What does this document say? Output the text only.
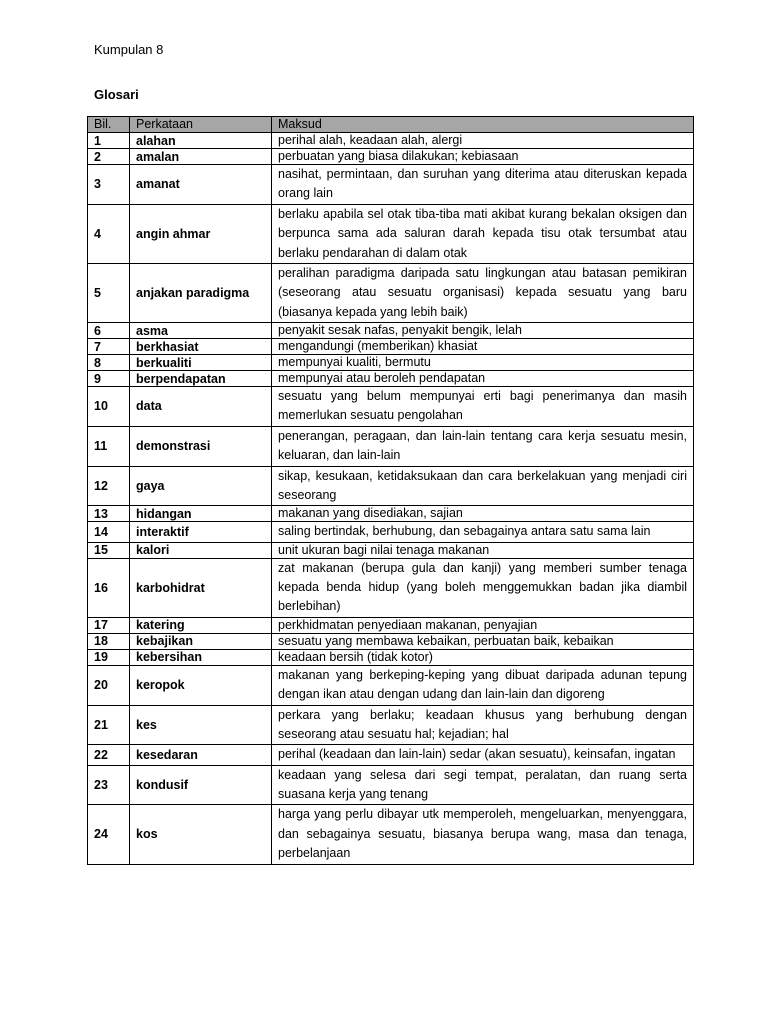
Kumpulan 8
Glosari
Bil.	Perkataan	Maksud
1	alahan	perihal alah, keadaan alah, alergi
2	amalan	perbuatan yang biasa dilakukan; kebiasaan
3	amanat	nasihat, permintaan, dan suruhan yang diterima atau diteruskan kepada orang lain
4	angin ahmar	berlaku apabila sel otak tiba-tiba mati akibat kurang bekalan oksigen dan berpunca sama ada saluran darah kepada tisu otak tersumbat atau berlaku pendarahan di dalam otak
5	anjakan paradigma	peralihan paradigma daripada satu lingkungan atau batasan pemikiran (seseorang atau sesuatu organisasi) kepada sesuatu yang baru (biasanya kepada yang lebih baik)
6	asma	penyakit sesak nafas, penyakit bengik, lelah
7	berkhasiat	mengandungi (memberikan) khasiat
8	berkualiti	mempunyai kualiti, bermutu
9	berpendapatan	mempunyai atau beroleh pendapatan
10	data	sesuatu yang belum mempunyai erti bagi penerimanya dan masih memerlukan sesuatu pengolahan
11	demonstrasi	penerangan, peragaan, dan lain-lain tentang cara kerja sesuatu mesin, keluaran, dan lain-lain
12	gaya	sikap, kesukaan, ketidaksukaan dan cara berkelakuan yang menjadi ciri seseorang
13	hidangan	makanan yang disediakan, sajian
14	interaktif	saling bertindak, berhubung, dan sebagainya antara satu sama lain
15	kalori	unit ukuran bagi nilai tenaga makanan
16	karbohidrat	zat makanan (berupa gula dan kanji) yang memberi sumber tenaga kepada benda hidup (yang boleh menggemukkan badan jika diambil berlebihan)
17	katering	perkhidmatan penyediaan makanan, penyajian
18	kebajikan	sesuatu yang membawa kebaikan, perbuatan baik, kebaikan
19	kebersihan	keadaan bersih (tidak kotor)
20	keropok	makanan yang berkeping-keping yang dibuat daripada adunan tepung dengan ikan atau dengan udang dan lain-lain dan digoreng
21	kes	perkara yang berlaku; keadaan khusus yang berhubung dengan seseorang atau sesuatu hal; kejadian; hal
22	kesedaran	perihal (keadaan dan lain-lain) sedar (akan sesuatu), keinsafan, ingatan
23	kondusif	keadaan yang selesa dari segi tempat, peralatan, dan ruang serta suasana kerja yang tenang
24	kos	harga yang perlu dibayar utk memperoleh, mengeluarkan, menyenggara, dan sebagainya sesuatu, biasanya berupa wang, masa dan tenaga, perbelanjaan
